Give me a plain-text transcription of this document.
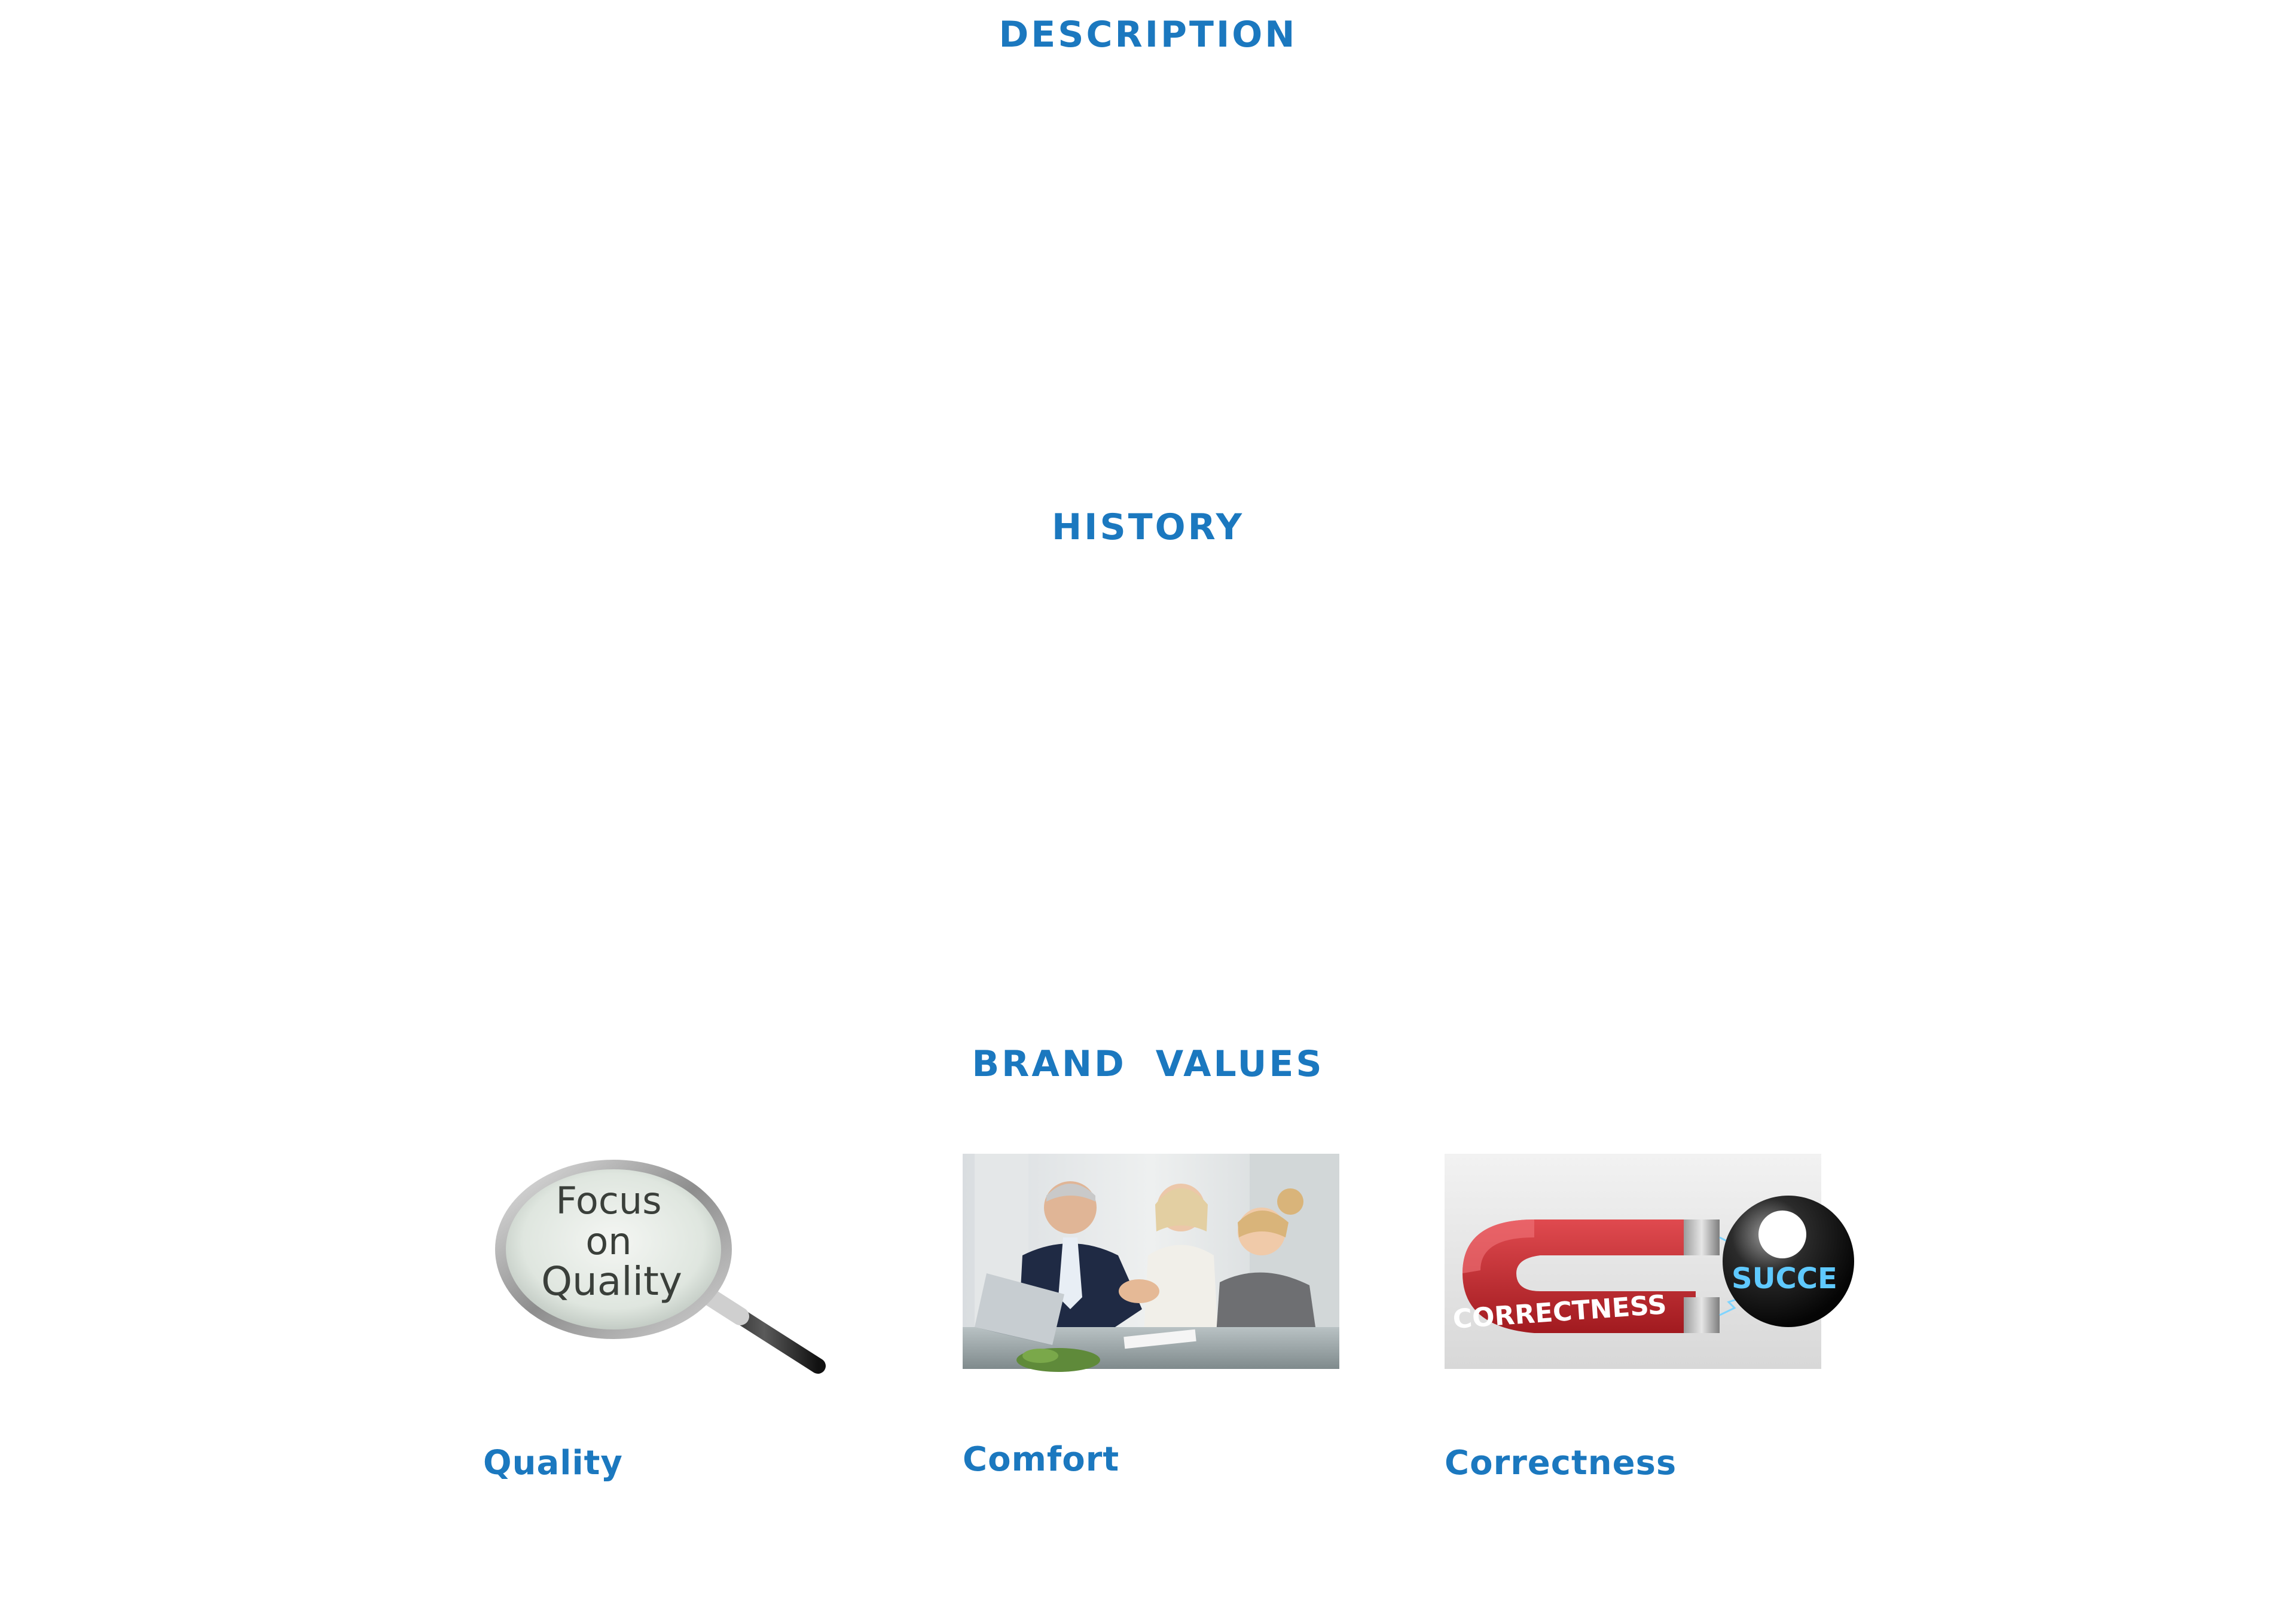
DESCRIPTION
HISTORY
BRAND VALUES
Focus
on
Quality

Quality	Comfort

CORRECTNESS
SUCCE

Correctness
